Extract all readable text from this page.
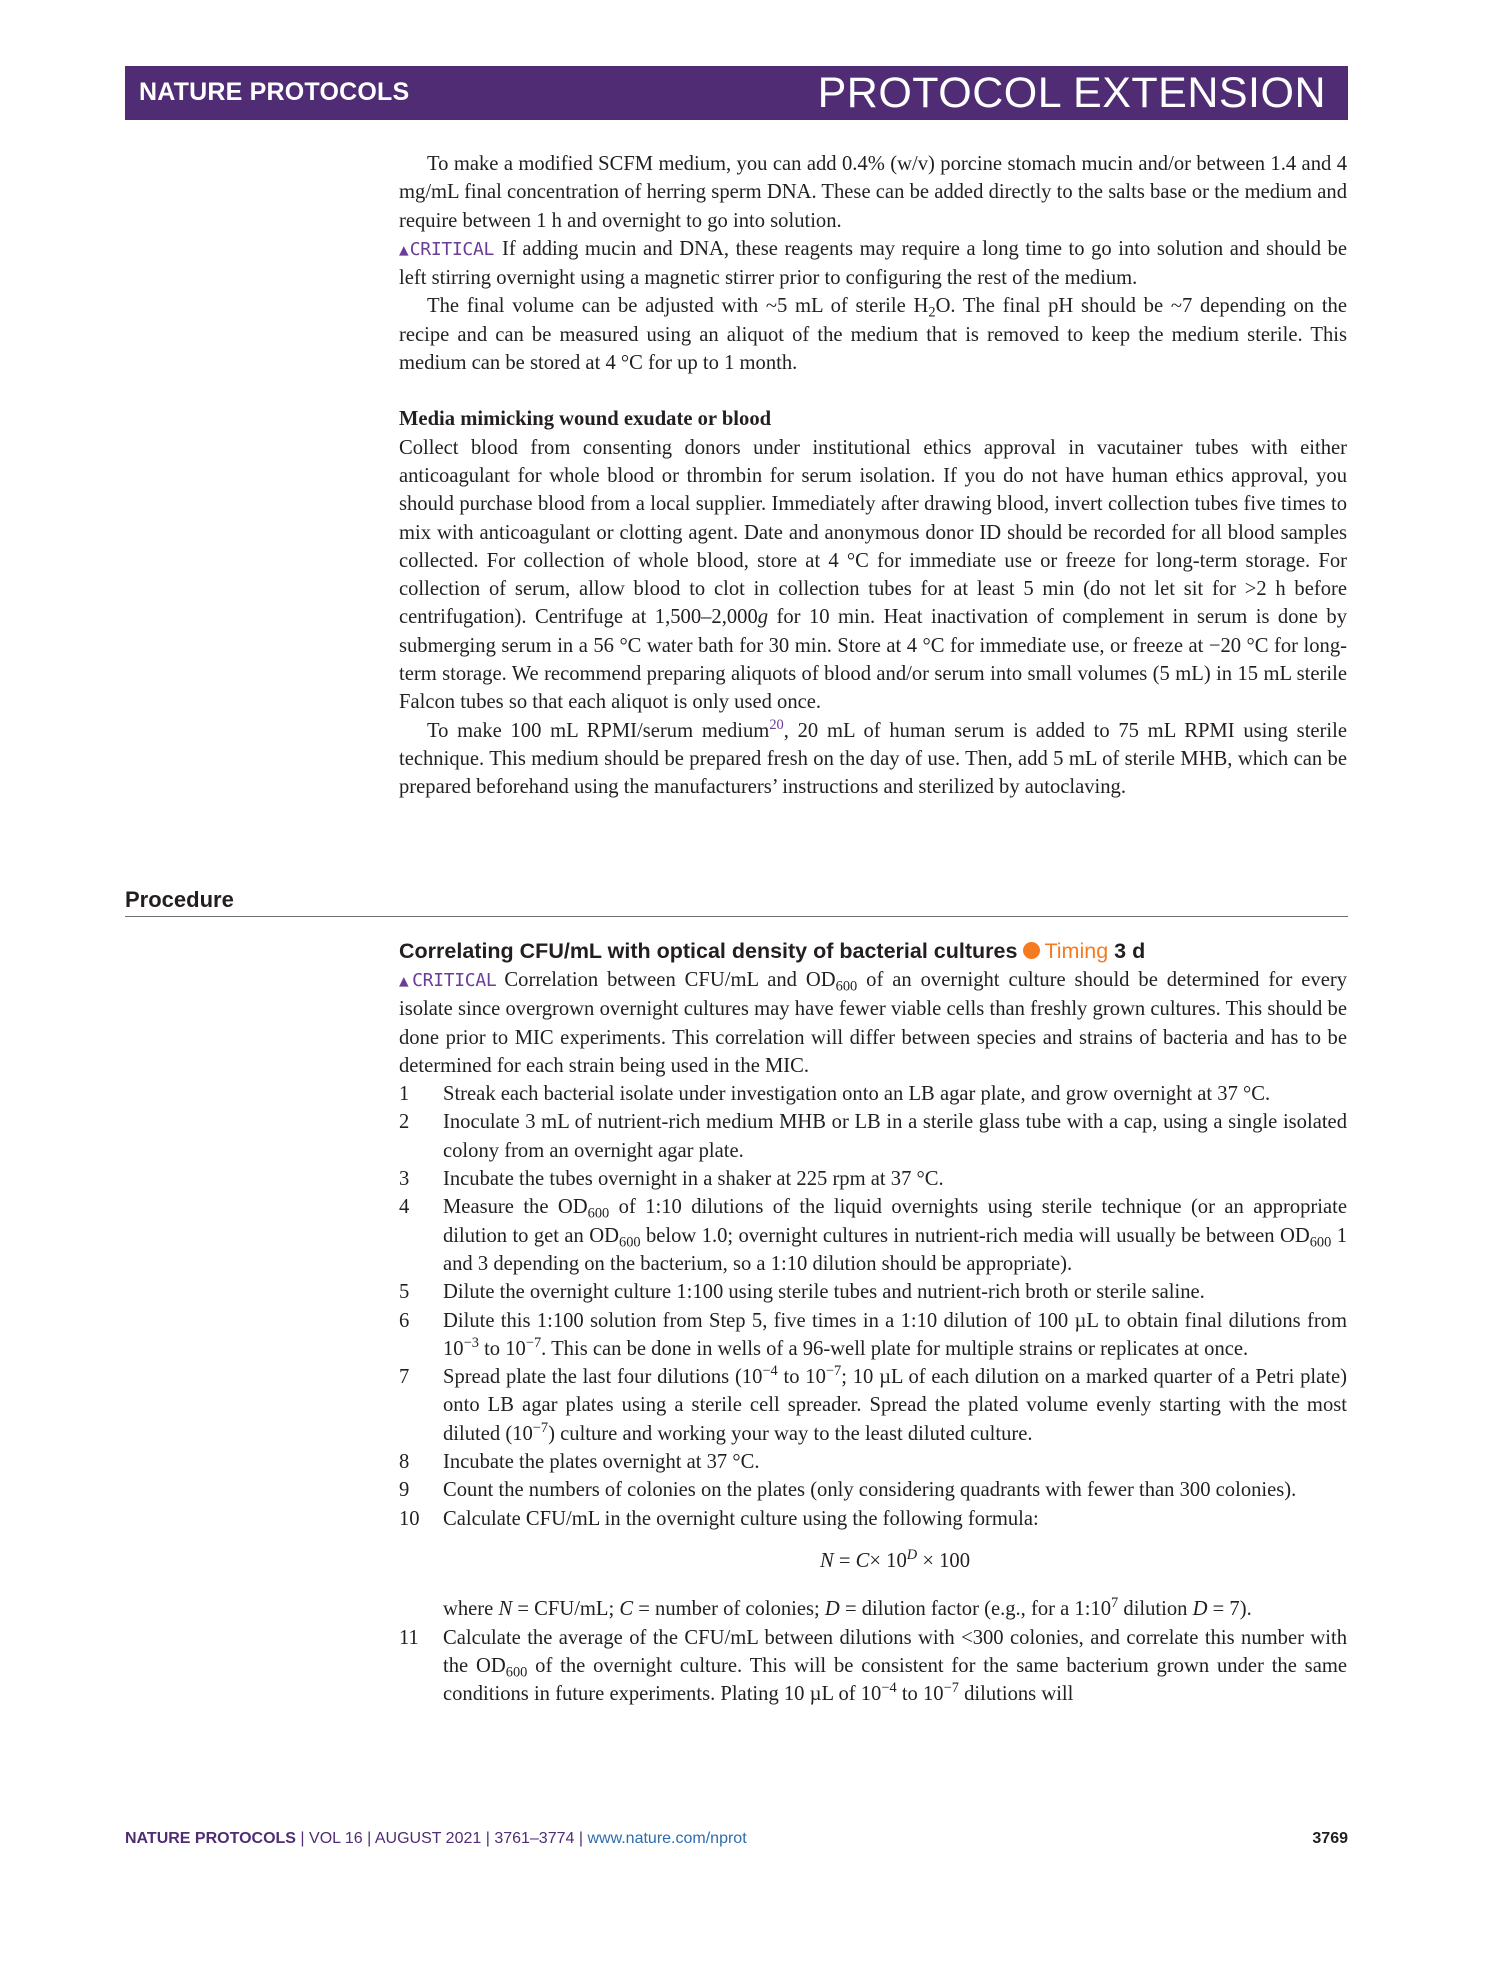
NATURE PROTOCOLS	PROTOCOL EXTENSION

To make a modified SCFM medium, you can add 0.4% (w/v) porcine stomach mucin and/or between 1.4 and 4 mg/mL final concentration of herring sperm DNA. These can be added directly to the salts base or the medium and require between 1 h and overnight to go into solution.

▲CRITICAL If adding mucin and DNA, these reagents may require a long time to go into solution and should be left stirring overnight using a magnetic stirrer prior to configuring the rest of the medium.

The final volume can be adjusted with ~5 mL of sterile $H_2O$. The final pH should be ~7 depending on the recipe and can be measured using an aliquot of the medium that is removed to keep the medium sterile. This medium can be stored at 4 °C for up to 1 month.

Media mimicking wound exudate or blood

Collect blood from consenting donors under institutional ethics approval in vacutainer tubes with either anticoagulant for whole blood or thrombin for serum isolation. If you do not have human ethics approval, you should purchase blood from a local supplier. Immediately after drawing blood, invert collection tubes five times to mix with anticoagulant or clotting agent. Date and anonymous donor ID should be recorded for all blood samples collected. For collection of whole blood, store at 4 °C for immediate use or freeze for long-term storage. For collection of serum, allow blood to clot in collection tubes for at least 5 min (do not let sit for >2 h before centrifugation). Centrifuge at 1,500–2,000g for 10 min. Heat inactivation of complement in serum is done by submerging serum in a 56 °C water bath for 30 min. Store at 4 °C for immediate use, or freeze at −20 °C for long-term storage. We recommend preparing aliquots of blood and/or serum into small volumes (5 mL) in 15 mL sterile Falcon tubes so that each aliquot is only used once.

To make 100 mL RPMI/serum medium$^{20}$, 20 mL of human serum is added to 75 mL RPMI using sterile technique. This medium should be prepared fresh on the day of use. Then, add 5 mL of sterile MHB, which can be prepared beforehand using the manufacturers’ instructions and sterilized by autoclaving.

Procedure

Correlating CFU/mL with optical density of bacterial cultures Timing 3 d

▲CRITICAL Correlation between CFU/mL and $OD_{600}$ of an overnight culture should be determined for every isolate since overgrown overnight cultures may have fewer viable cells than freshly grown cultures. This should be done prior to MIC experiments. This correlation will differ between species and strains of bacteria and has to be determined for each strain being used in the MIC.

1	Streak each bacterial isolate under investigation onto an LB agar plate, and grow overnight at 37 °C.
2	Inoculate 3 mL of nutrient-rich medium MHB or LB in a sterile glass tube with a cap, using a single isolated colony from an overnight agar plate.
3	Incubate the tubes overnight in a shaker at 225 rpm at 37 °C.
4	Measure the $OD_{600}$ of 1:10 dilutions of the liquid overnights using sterile technique (or an appropriate dilution to get an $OD_{600}$ below 1.0; overnight cultures in nutrient-rich media will usually be between $OD_{600}$ 1 and 3 depending on the bacterium, so a 1:10 dilution should be appropriate).
5	Dilute the overnight culture 1:100 using sterile tubes and nutrient-rich broth or sterile saline.
6	Dilute this 1:100 solution from Step 5, five times in a 1:10 dilution of 100 µL to obtain final dilutions from $10^{-3}$ to $10^{-7}$. This can be done in wells of a 96-well plate for multiple strains or replicates at once.
7	Spread plate the last four dilutions ($10^{-4}$ to $10^{-7}$; 10 µL of each dilution on a marked quarter of a Petri plate) onto LB agar plates using a sterile cell spreader. Spread the plated volume evenly starting with the most diluted $(10^{-7})$ culture and working your way to the least diluted culture.
8	Incubate the plates overnight at 37 °C.
9	Count the numbers of colonies on the plates (only considering quadrants with fewer than 300 colonies).
10	Calculate CFU/mL in the overnight culture using the following formula:

$N = C\times 10^D \times 100$

where N = CFU/mL; C = number of colonies; D = dilution factor (e.g., for a $1:10^7$ dilution D = 7).

11	Calculate the average of the CFU/mL between dilutions with <300 colonies, and correlate this number with the $OD_{600}$ of the overnight culture. This will be consistent for the same bacterium grown under the same conditions in future experiments. Plating 10 µL of $10^{-4}$ to $10^{-7}$ dilutions will
NATURE PROTOCOLS | VOL 16 | AUGUST 2021 | 3761–3774 | www.nature.com/nprot	3769
